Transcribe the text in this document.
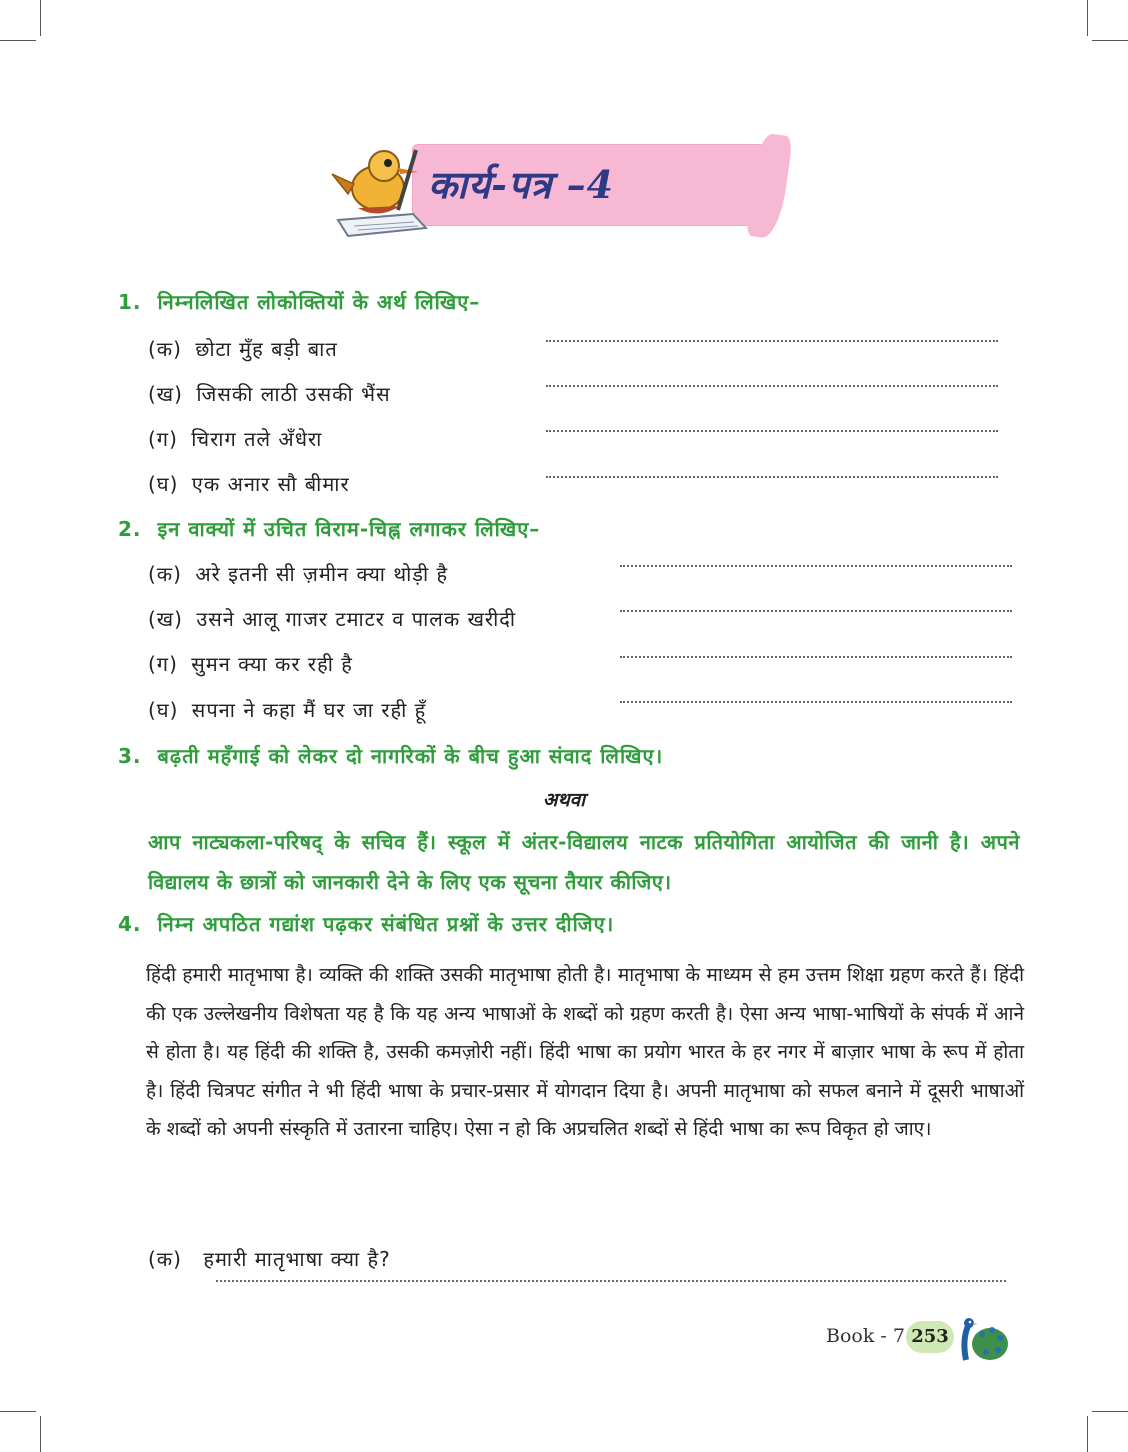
कार्य-पत्र –4
1. निम्नलिखित लोकोक्तियों के अर्थ लिखिए–
(क) छोटा मुँह बड़ी बात
(ख) जिसकी लाठी उसकी भैंस
(ग) चिराग तले अँधेरा
(घ) एक अनार सौ बीमार
2. इन वाक्यों में उचित विराम-चिह्न लगाकर लिखिए–
(क) अरे इतनी सी ज़मीन क्या थोड़ी है
(ख) उसने आलू गाजर टमाटर व पालक खरीदी
(ग) सुमन क्या कर रही है
(घ) सपना ने कहा मैं घर जा रही हूँ
3. बढ़ती महँगाई को लेकर दो नागरिकों के बीच हुआ संवाद लिखिए।
अथवा
आप नाट्यकला-परिषद् के सचिव हैं। स्कूल में अंतर-विद्यालय नाटक प्रतियोगिता आयोजित की जानी है। अपने विद्यालय के छात्रों को जानकारी देने के लिए एक सूचना तैयार कीजिए।
4. निम्न अपठित गद्यांश पढ़कर संबंधित प्रश्नों के उत्तर दीजिए।
हिंदी हमारी मातृभाषा है। व्यक्ति की शक्ति उसकी मातृभाषा होती है। मातृभाषा के माध्यम से हम उत्तम शिक्षा ग्रहण करते हैं। हिंदी की एक उल्लेखनीय विशेषता यह है कि यह अन्य भाषाओं के शब्दों को ग्रहण करती है। ऐसा अन्य भाषा-भाषियों के संपर्क में आने से होता है। यह हिंदी की शक्ति है, उसकी कमज़ोरी नहीं। हिंदी भाषा का प्रयोग भारत के हर नगर में बाज़ार भाषा के रूप में होता है। हिंदी चित्रपट संगीत ने भी हिंदी भाषा के प्रचार-प्रसार में योगदान दिया है। अपनी मातृभाषा को सफल बनाने में दूसरी भाषाओं के शब्दों को अपनी संस्कृति में उतारना चाहिए। ऐसा न हो कि अप्रचलित शब्दों से हिंदी भाषा का रूप विकृत हो जाए।
(क) हमारी मातृभाषा क्या है?
Book - 7 253
